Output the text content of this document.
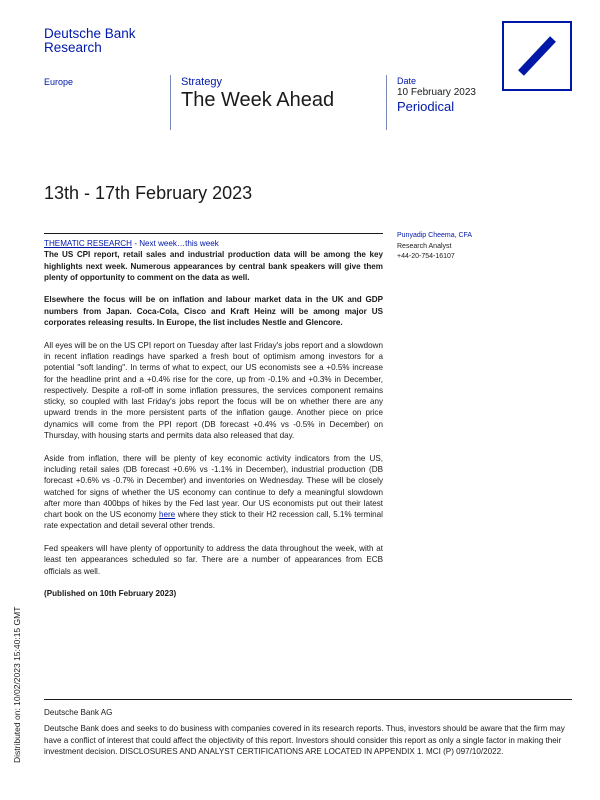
Deutsche Bank
Research
Europe	Strategy
The Week Ahead
Date
10 February 2023
Periodical
13th - 17th February 2023
THEMATIC RESEARCH - Next week…this week

The US CPI report, retail sales and industrial production data will be among the key highlights next week. Numerous appearances by central bank speakers will give them plenty of opportunity to comment on the data as well.

Elsewhere the focus will be on inflation and labour market data in the UK and GDP numbers from Japan. Coca-Cola, Cisco and Kraft Heinz will be among major US corporates releasing results. In Europe, the list includes Nestle and Glencore.

All eyes will be on the US CPI report on Tuesday after last Friday's jobs report and a slowdown in recent inflation readings have sparked a fresh bout of optimism among investors for a potential "soft landing". In terms of what to expect, our US economists see a +0.5% increase for the headline print and a +0.4% rise for the core, up from -0.1% and +0.3% in December, respectively. Despite a roll-off in some inflation pressures, the services component remains sticky, so coupled with last Friday's jobs report the focus will be on whether there are any upward trends in the more persistent parts of the inflation gauge. Another piece on price dynamics will come from the PPI report (DB forecast +0.4% vs -0.5% in December) on Thursday, with housing starts and permits data also released that day.

Aside from inflation, there will be plenty of key economic activity indicators from the US, including retail sales (DB forecast +0.6% vs -1.1% in December), industrial production (DB forecast +0.6% vs -0.7% in December) and inventories on Wednesday. These will be closely watched for signs of whether the US economy can continue to defy a meaningful slowdown after more than 400bps of hikes by the Fed last year. Our US economists put out their latest chart book on the US economy here where they stick to their H2 recession call, 5.1% terminal rate expectation and detail several other trends.

Fed speakers will have plenty of opportunity to address the data throughout the week, with at least ten appearances scheduled so far. There are a number of appearances from ECB officials as well.

(Published on 10th February 2023)

Punyadip Cheema, CFA
Research Analyst
+44-20-754-16107
Deutsche Bank AG
Deutsche Bank does and seeks to do business with companies covered in its research reports. Thus, investors should be aware that the firm may have a conflict of interest that could affect the objectivity of this report. Investors should consider this report as only a single factor in making their investment decision. DISCLOSURES AND ANALYST CERTIFICATIONS ARE LOCATED IN APPENDIX 1. MCI (P) 097/10/2022.
Distributed on: 10/02/2023 15:40:15 GMT
